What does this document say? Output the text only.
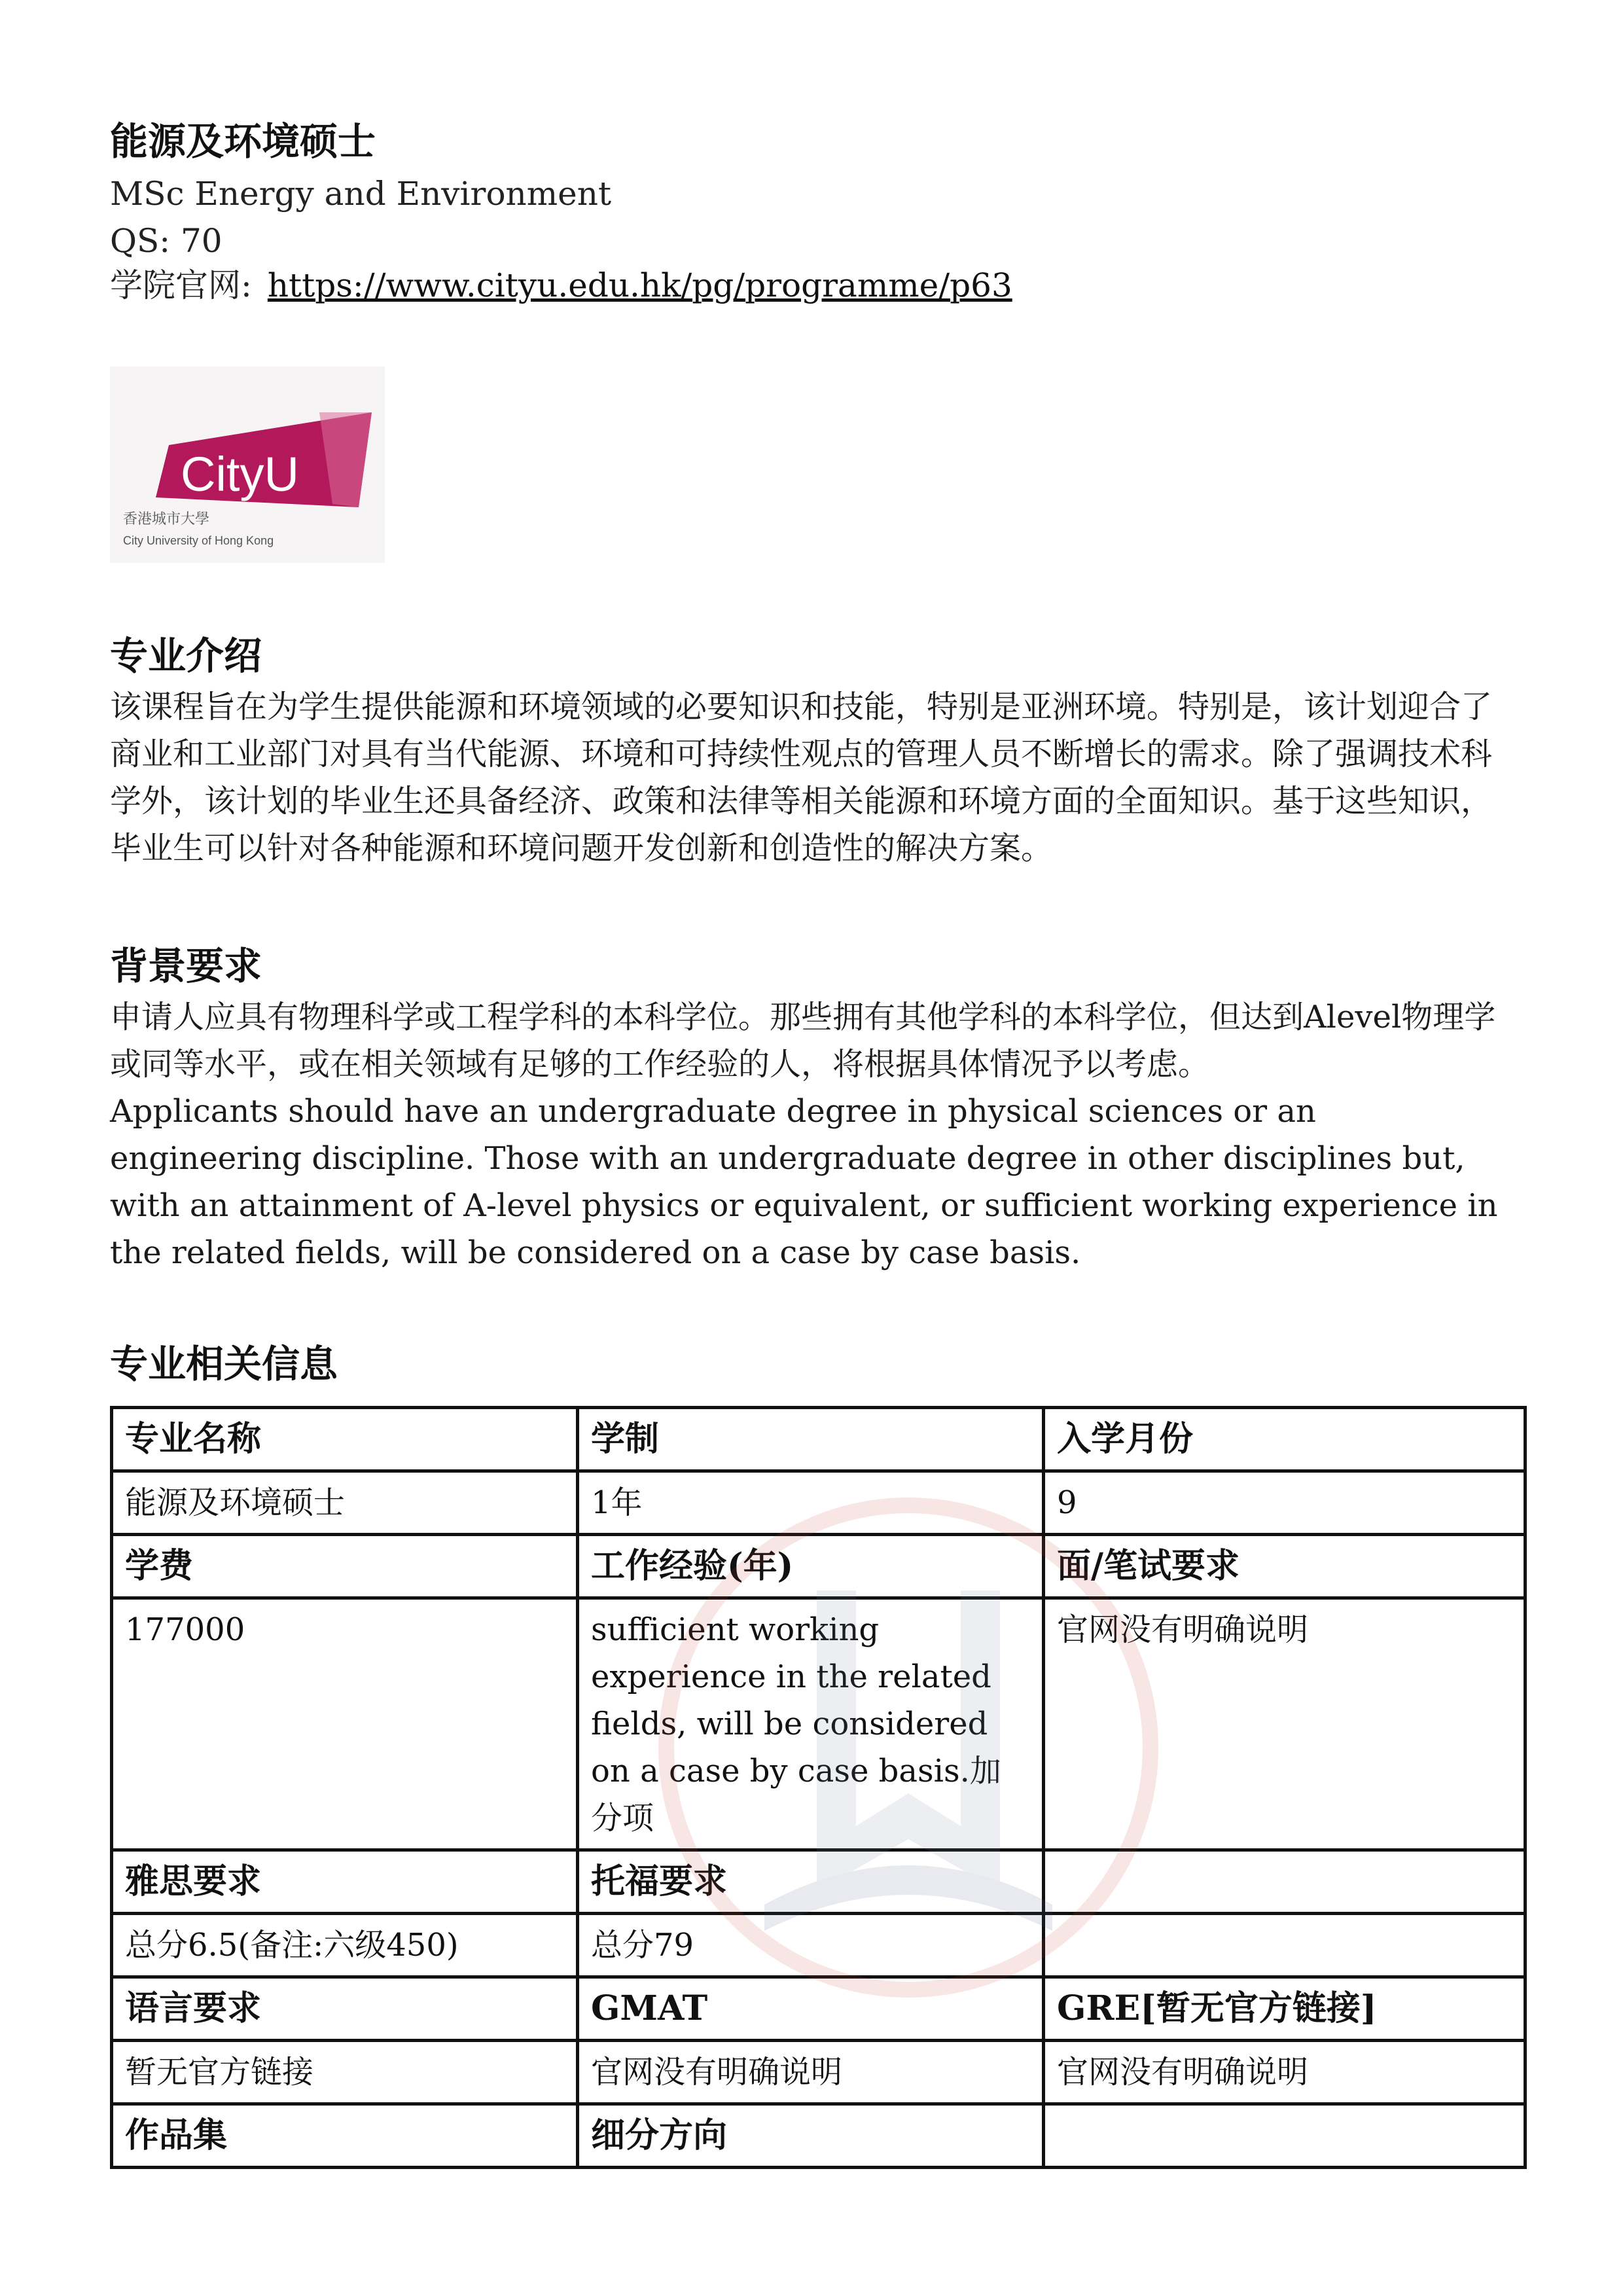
能源及环境硕士
MSc Energy and Environment
QS: 70
学院官网: https://www.cityu.edu.hk/pg/programme/p63
CityU
香港城市大學
City University of Hong Kong
专业介绍

该课程旨在为学生提供能源和环境领域的必要知识和技能，特别是亚洲环境。特别是，该计划迎合了商业和工业部门对具有当代能源、环境和可持续性观点的管理人员不断增长的需求。除了强调技术科学外，该计划的毕业生还具备经济、政策和法律等相关能源和环境方面的全面知识。基于这些知识，毕业生可以针对各种能源和环境问题开发创新和创造性的解决方案。

背景要求

申请人应具有物理科学或工程学科的本科学位。那些拥有其他学科的本科学位，但达到Alevel物理学或同等水平，或在相关领域有足够的工作经验的人，将根据具体情况予以考虑。

Applicants should have an undergraduate degree in physical sciences or an engineering discipline. Those with an undergraduate degree in other disciplines but, with an attainment of A-level physics or equivalent, or sufficient working experience in the related fields, will be considered on a case by case basis.

专业相关信息
专业名称	学制	入学月份
能源及环境硕士	1年	9
学费	工作经验(年)	面/笔试要求
177000	sufficient working experience in the related fields, will be considered on a case by case basis.加分项	官网没有明确说明
雅思要求	托福要求	
总分6.5(备注:六级450)	总分79	
语言要求	GMAT	GRE[暂无官方链接]
暂无官方链接	官网没有明确说明	官网没有明确说明
作品集	细分方向	
